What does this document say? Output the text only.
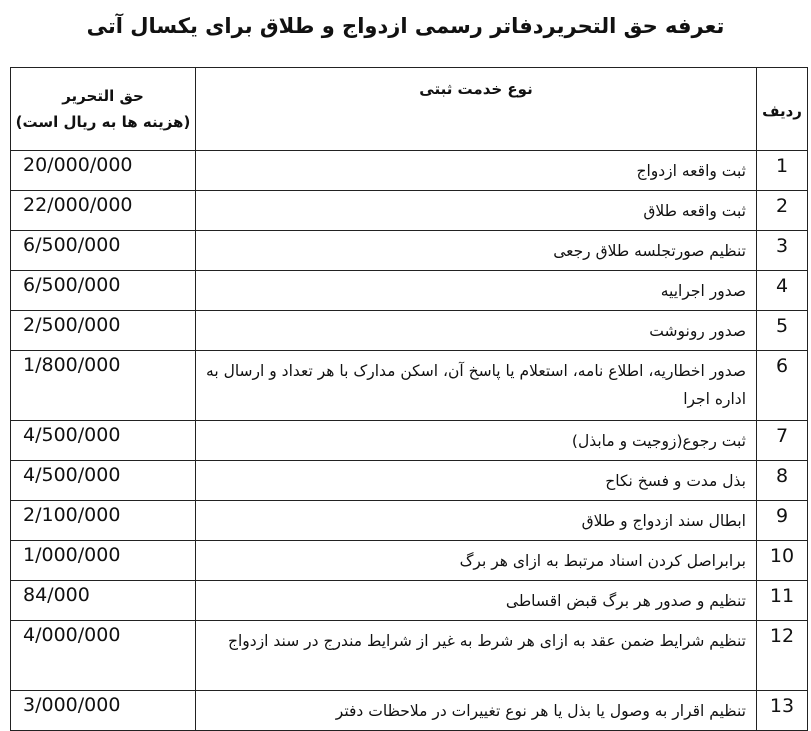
تعرفه حق التحریردفاتر رسمی ازدواج و طلاق برای یکسال آتی
ردیف	نوع خدمت ثبتی	حق التحریر
(هزینه ها به ریال است)

1	ثبت واقعه ازدواج	20/000/000
2	ثبت واقعه طلاق	22/000/000
3	تنظیم صورتجلسه طلاق رجعی	6/500/000
4	صدور اجراییه	6/500/000
5	صدور رونوشت	2/500/000
6	صدور اخطاریه، اطلاع نامه، استعلام یا پاسخ آن، اسکن مدارک با هر تعداد و ارسال به اداره اجرا	1/800/000
7	ثبت رجوع(زوجیت و مابذل)	4/500/000
8	بذل مدت و فسخ نکاح	4/500/000
9	ابطال سند ازدواج و طلاق	2/100/000
10	برابراصل کردن اسناد مرتبط به ازای هر برگ	1/000/000
11	تنظیم و صدور هر برگ قبض اقساطی	84/000
12	تنظیم شرایط ضمن عقد به ازای هر شرط به غیر از شرایط مندرج در سند ازدواج	4/000/000
13	تنظیم اقرار به وصول یا بذل یا هر نوع تغییرات در ملاحظات دفتر	3/000/000
